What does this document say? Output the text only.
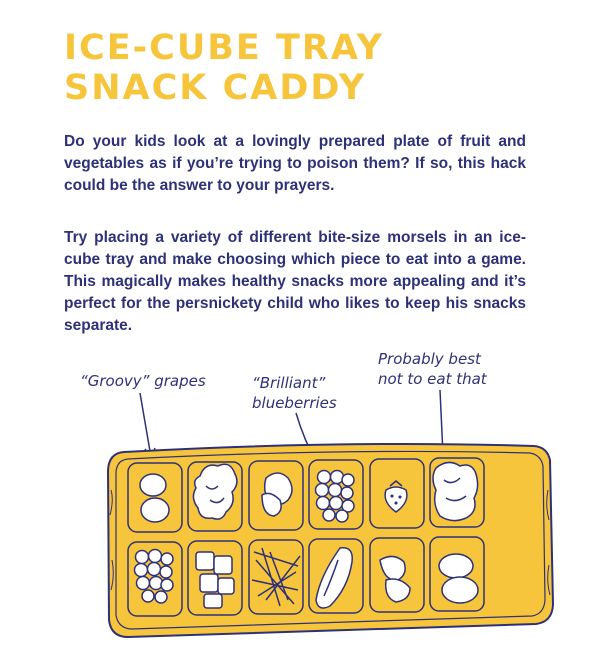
ICE-CUBE TRAY
SNACK CADDY

Do your kids look at a lovingly prepared plate of fruit and vegetables as if you’re trying to poison them? If so, this hack could be the answer to your prayers.

Try placing a variety of different bite-size morsels in an ice-cube tray and make choosing which piece to eat into a game. This magically makes healthy snacks more appealing and it’s perfect for the persnickety child who likes to keep his snacks separate.

“Groovy” grapes	“Brilliant”
blueberries
Probably best
not to eat that
